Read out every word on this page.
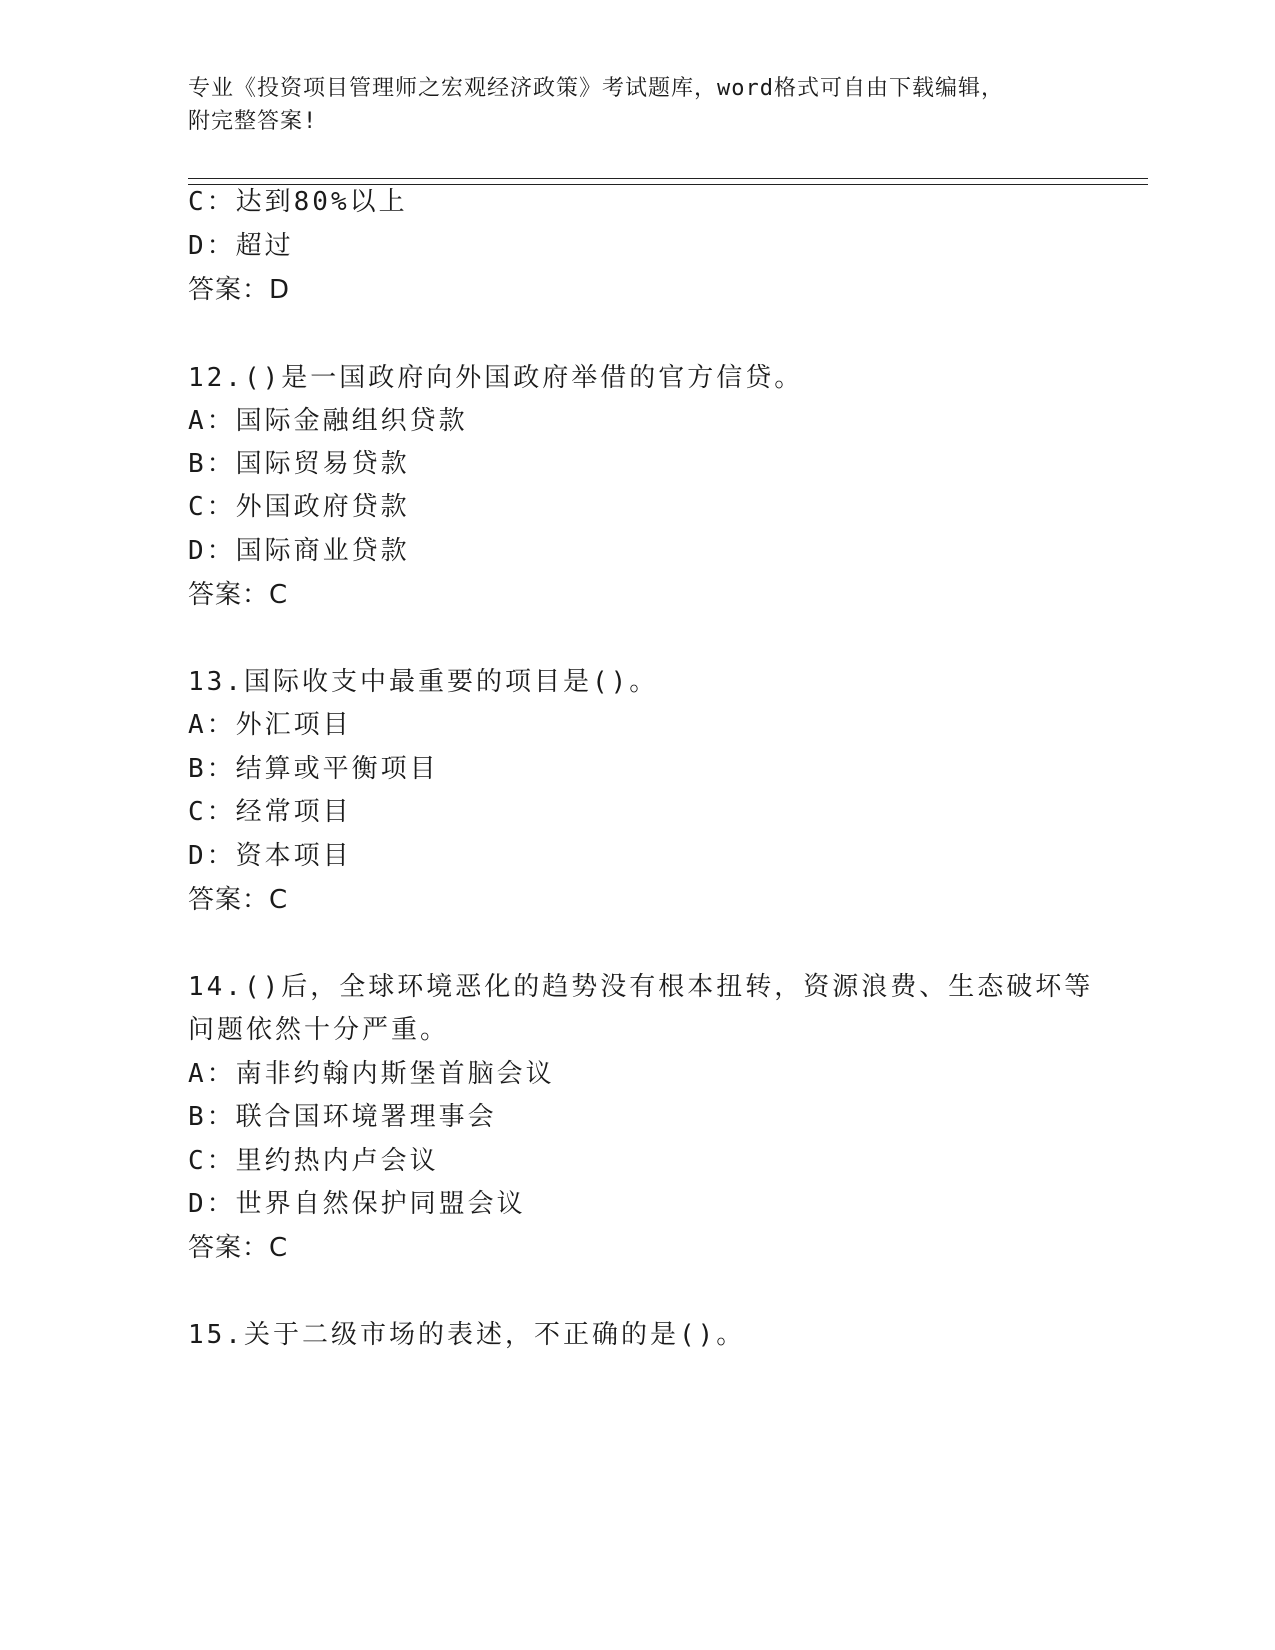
专业《投资项目管理师之宏观经济政策》考试题库，word格式可自由下载编辑，
附完整答案!
C：达到80%以上
D：超过
答案：D
12.()是一国政府向外国政府举借的官方信贷。
A：国际金融组织贷款
B：国际贸易贷款
C：外国政府贷款
D：国际商业贷款
答案：C
13.国际收支中最重要的项目是()。
A：外汇项目
B：结算或平衡项目
C：经常项目
D：资本项目
答案：C
14.()后，全球环境恶化的趋势没有根本扭转，资源浪费、生态破坏等
问题依然十分严重。
A：南非约翰内斯堡首脑会议
B：联合国环境署理事会
C：里约热内卢会议
D：世界自然保护同盟会议
答案：C
15.关于二级市场的表述，不正确的是()。
